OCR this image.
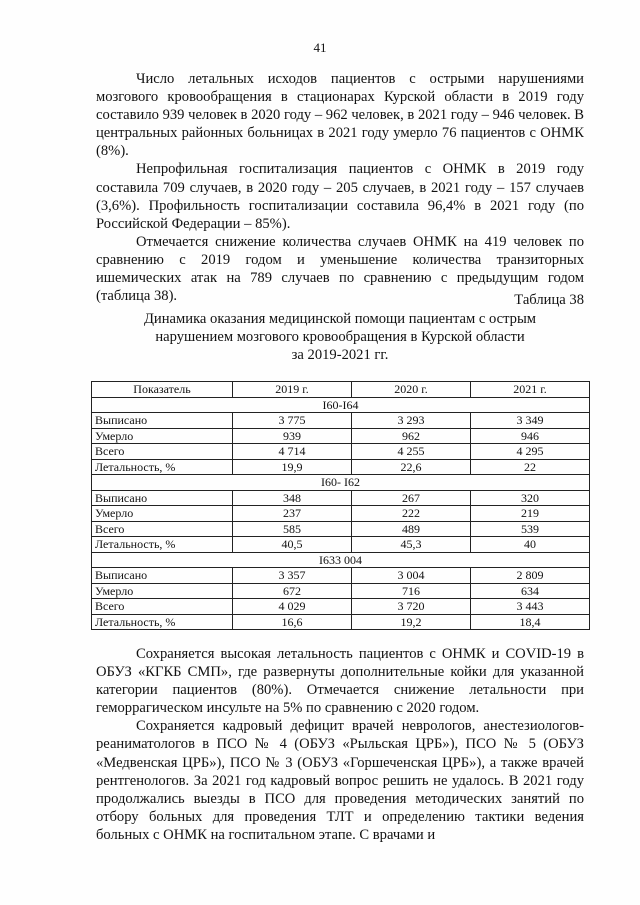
41

Число летальных исходов пациентов с острыми нарушениями мозгового кровообращения в стационарах Курской области в 2019 году составило 939 человек в 2020 году – 962 человек, в 2021 году – 946 человек. В центральных районных больницах в 2021 году умерло 76 пациентов с ОНМК (8%).

Непрофильная госпитализация пациентов с ОНМК в 2019 году составила 709 случаев, в 2020 году – 205 случаев, в 2021 году – 157 случаев (3,6%). Профильность госпитализации составила 96,4% в 2021 году (по Российской Федерации – 85%).

Отмечается снижение количества случаев ОНМК на 419 человек по сравнению с 2019 годом и уменьшение количества транзиторных ишемических атак на 789 случаев по сравнению с предыдущим годом (таблица 38).	Таблица 38
Динамика оказания медицинской помощи пациентам с острым
нарушением мозгового кровообращения в Курской области
за 2019-2021 гг.
Показатель	2019 г.	2020 г.	2021 г.
I60-I64			
Выписано	3 775	3 293	3 349
Умерло	939	962	946
Всего	4 714	4 255	4 295
Летальность, %	19,9	22,6	22
I60- I62			
Выписано	348	267	320
Умерло	237	222	219
Всего	585	489	539
Летальность, %	40,5	45,3	40
I633 004			
Выписано	3 357	3 004	2 809
Умерло	672	716	634
Всего	4 029	3 720	3 443
Летальность, %	16,6	19,2	18,4

Сохраняется высокая летальность пациентов с ОНМК и COVID-19 в ОБУЗ «КГКБ СМП», где развернуты дополнительные койки для указанной категории пациентов (80%). Отмечается снижение летальности при геморрагическом инсульте на 5% по сравнению с 2020 годом.

Сохраняется кадровый дефицит врачей неврологов, анестезиологов-реаниматологов в ПСО № 4 (ОБУЗ «Рыльская ЦРБ»), ПСО № 5 (ОБУЗ «Медвенская ЦРБ»), ПСО № 3 (ОБУЗ «Горшеченская ЦРБ»), а также врачей рентгенологов. За 2021 год кадровый вопрос решить не удалось. В 2021 году продолжались выезды в ПСО для проведения методических занятий по отбору больных для проведения ТЛТ и определению тактики ведения больных с ОНМК на госпитальном этапе. С врачами и
